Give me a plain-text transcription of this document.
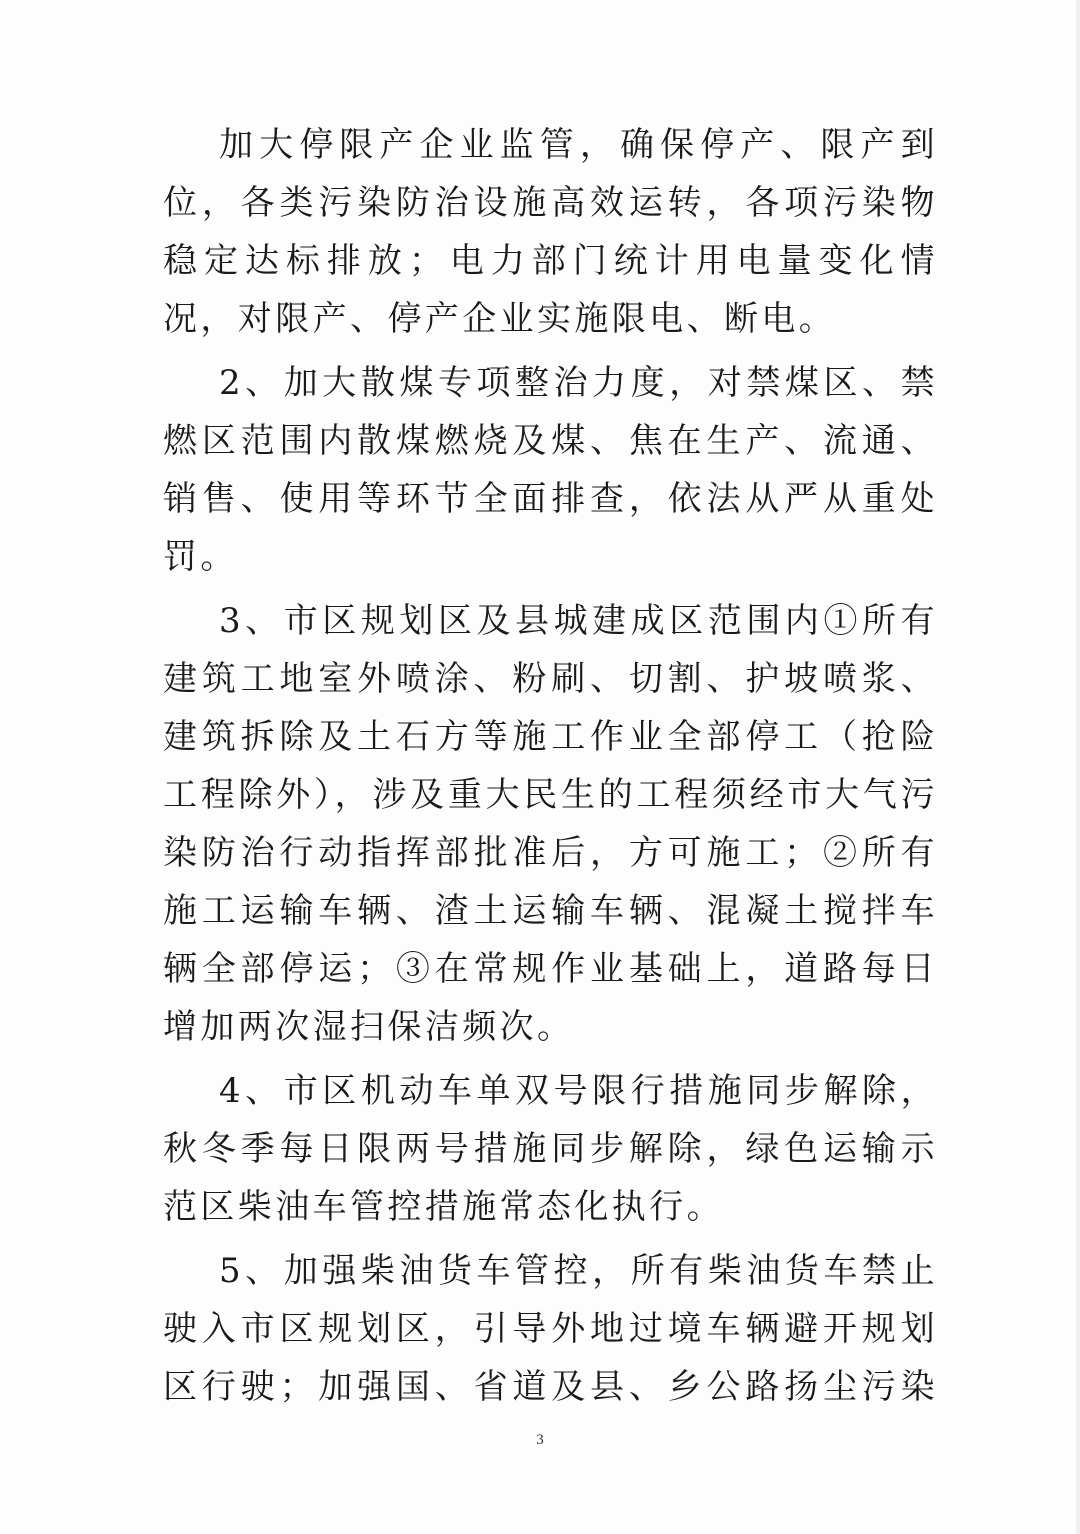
加大停限产企业监管，确保停产、限产到位，各类污染防治设施高效运转，各项污染物稳定达标排放；电力部门统计用电量变化情况，对限产、停产企业实施限电、断电。

2、加大散煤专项整治力度，对禁煤区、禁燃区范围内散煤燃烧及煤、焦在生产、流通、销售、使用等环节全面排查，依法从严从重处罚。

3、市区规划区及县城建成区范围内①所有建筑工地室外喷涂、粉刷、切割、护坡喷浆、建筑拆除及土石方等施工作业全部停工（抢险工程除外），涉及重大民生的工程须经市大气污染防治行动指挥部批准后，方可施工；②所有施工运输车辆、渣土运输车辆、混凝土搅拌车辆全部停运；③在常规作业基础上，道路每日增加两次湿扫保洁频次。

4、市区机动车单双号限行措施同步解除，秋冬季每日限两号措施同步解除，绿色运输示范区柴油车管控措施常态化执行。

5、加强柴油货车管控，所有柴油货车禁止驶入市区规划区，引导外地过境车辆避开规划区行驶；加强国、省道及县、乡公路扬尘污染

3
